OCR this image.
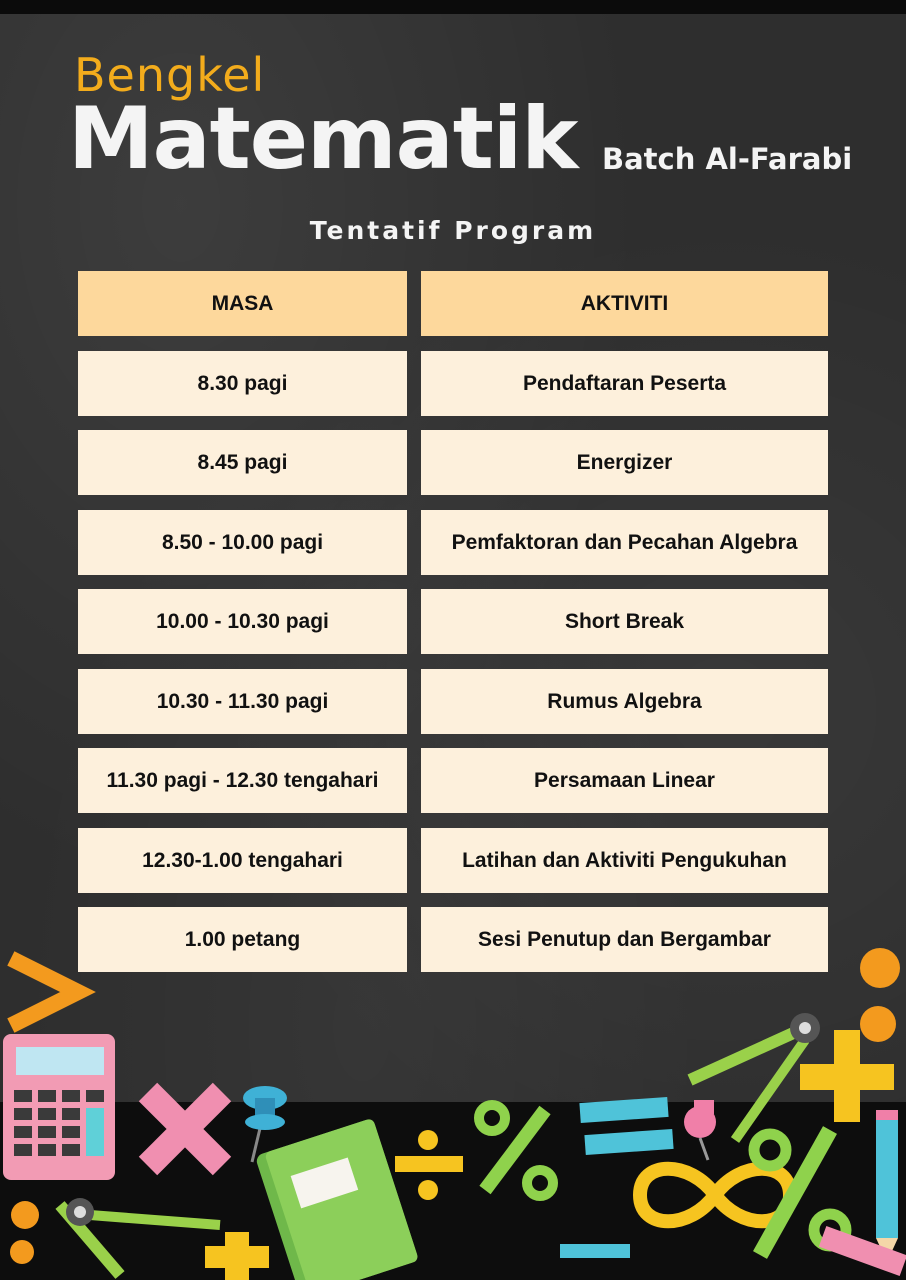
Bengkel
Matematik Batch Al-Farabi
Tentatif Program
MASA	AKTIVITI
8.30 pagi	Pendaftaran Peserta
8.45 pagi	Energizer
8.50 - 10.00 pagi	Pemfaktoran dan Pecahan Algebra
10.00 - 10.30 pagi	Short Break
10.30 - 11.30 pagi	Rumus Algebra
11.30 pagi - 12.30 tengahari	Persamaan Linear
12.30-1.00 tengahari	Latihan dan Aktiviti Pengukuhan
1.00 petang	Sesi Penutup dan Bergambar
